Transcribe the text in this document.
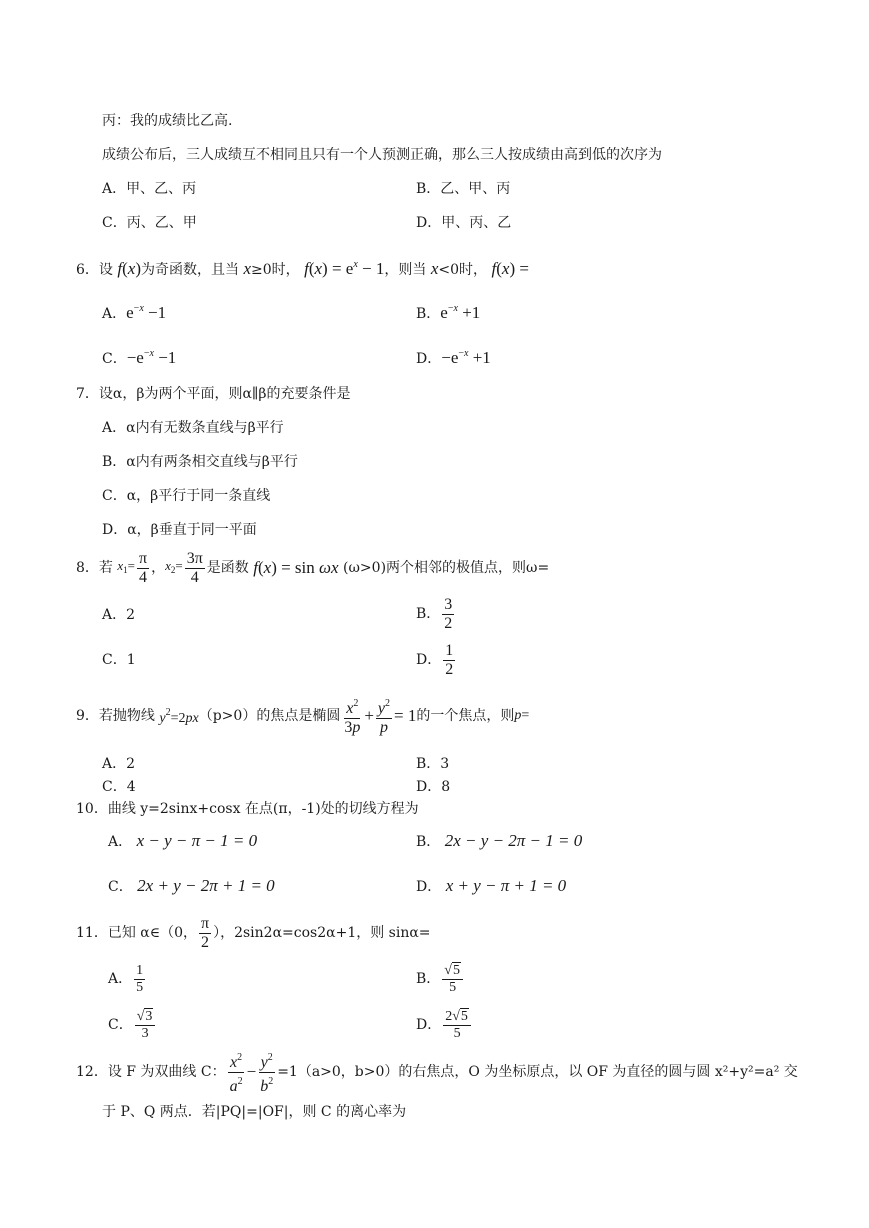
丙：我的成绩比乙高.
成绩公布后，三人成绩互不相同且只有一个人预测正确，那么三人按成绩由高到低的次序为
A．甲、乙、丙	B．乙、甲、丙
C．丙、乙、甲	D．甲、丙、乙
6．设 f(x)为奇函数，且当 x≥0时， $f(x) = e^x - 1$，则当 x<0时， f(x) =
A．$e^{-x} -1$	B．$e^{-x} +1$
C．$-e^{-x} -1$	D．$-e^{-x} +1$
7．设α，β为两个平面，则α∥β的充要条件是
A．α内有无数条直线与β平行
B．α内有两条相交直线与β平行
C．α，β平行于同一条直线
D．α，β垂直于同一平面
8．若
$x_1= \frac{\pi}{4}$ ， $x_2= \frac{3\pi}{4}$ 是函数
f(x) = sin ωx
(ω>0)两个相邻的极值点，则ω=
A．2	B． $\frac{3}{2}$
C．1	D． $\frac{1}{2}$
9．若抛物线
$y^2=2px$ （p>0）的焦点是椭圆 $\frac{x^2}{3p} + \frac{y^2}{p} = 1$ 的一个焦点，则 p=
A．2	B．3
C．4	D．8
10．曲线 y=2sinx+cosx 在点(π，-1)处的切线方程为
A． x − y − π − 1 = 0	B． 2x − y − 2π − 1 = 0
C． 2x + y − 2π + 1 = 0	D． x + y − π + 1 = 0
11．已知
α∈（0， $\frac{\pi}{2}$ ），2sin2α=cos2α+1，则 sinα=
A． $\frac{1}{5}$	B． $\frac{√5}{5}$
C． $\frac{√3}{3}$	D． $\frac{2√5}{5}$
12．设 F 为双曲线 C： $\frac{x^2}{a^2} - \frac{y^2}{b^2} =1(a>0$，b>0）的右焦点，O 为坐标原点，以 OF 为直径的圆与圆 x²+y²=a² 交
于 P、Q 两点．若|PQ|=|OF|，则 C 的离心率为
